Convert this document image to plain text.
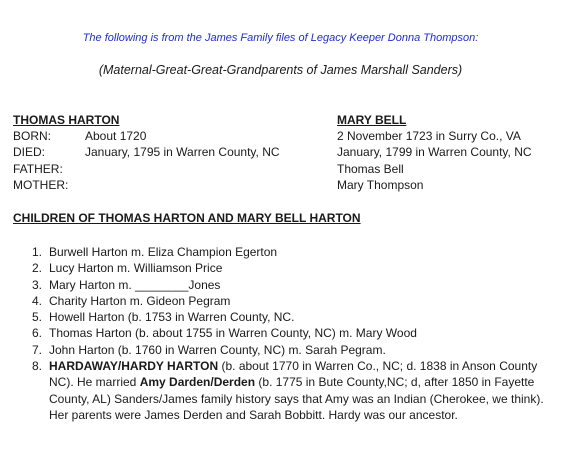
The following is from the James Family files of Legacy Keeper Donna Thompson:
(Maternal-Great-Great-Grandparents of James Marshall Sanders)
THOMAS HARTON
BORN:	About 1720
DIED:	January, 1795 in Warren County, NC
FATHER:
MOTHER:
MARY BELL
2 November 1723 in Surry Co., VA
January, 1799 in Warren County, NC
Thomas Bell
Mary Thompson
CHILDREN OF THOMAS HARTON AND MARY BELL HARTON
1. Burwell Harton m. Eliza Champion Egerton
2. Lucy Harton m. Williamson Price
3. Mary Harton m. ________Jones
4. Charity Harton m. Gideon Pegram
5. Howell Harton (b. 1753 in Warren County, NC.
6. Thomas Harton (b. about 1755 in Warren County, NC) m. Mary Wood
7. John Harton (b. 1760 in Warren County, NC) m. Sarah Pegram.
8. HARDAWAY/HARDY HARTON (b. about 1770 in Warren Co., NC; d. 1838 in Anson County NC). He married Amy Darden/Derden (b. 1775 in Bute County,NC; d, after 1850 in Fayette County, AL) Sanders/James family history says that Amy was an Indian (Cherokee, we think). Her parents were James Derden and Sarah Bobbitt. Hardy was our ancestor.
